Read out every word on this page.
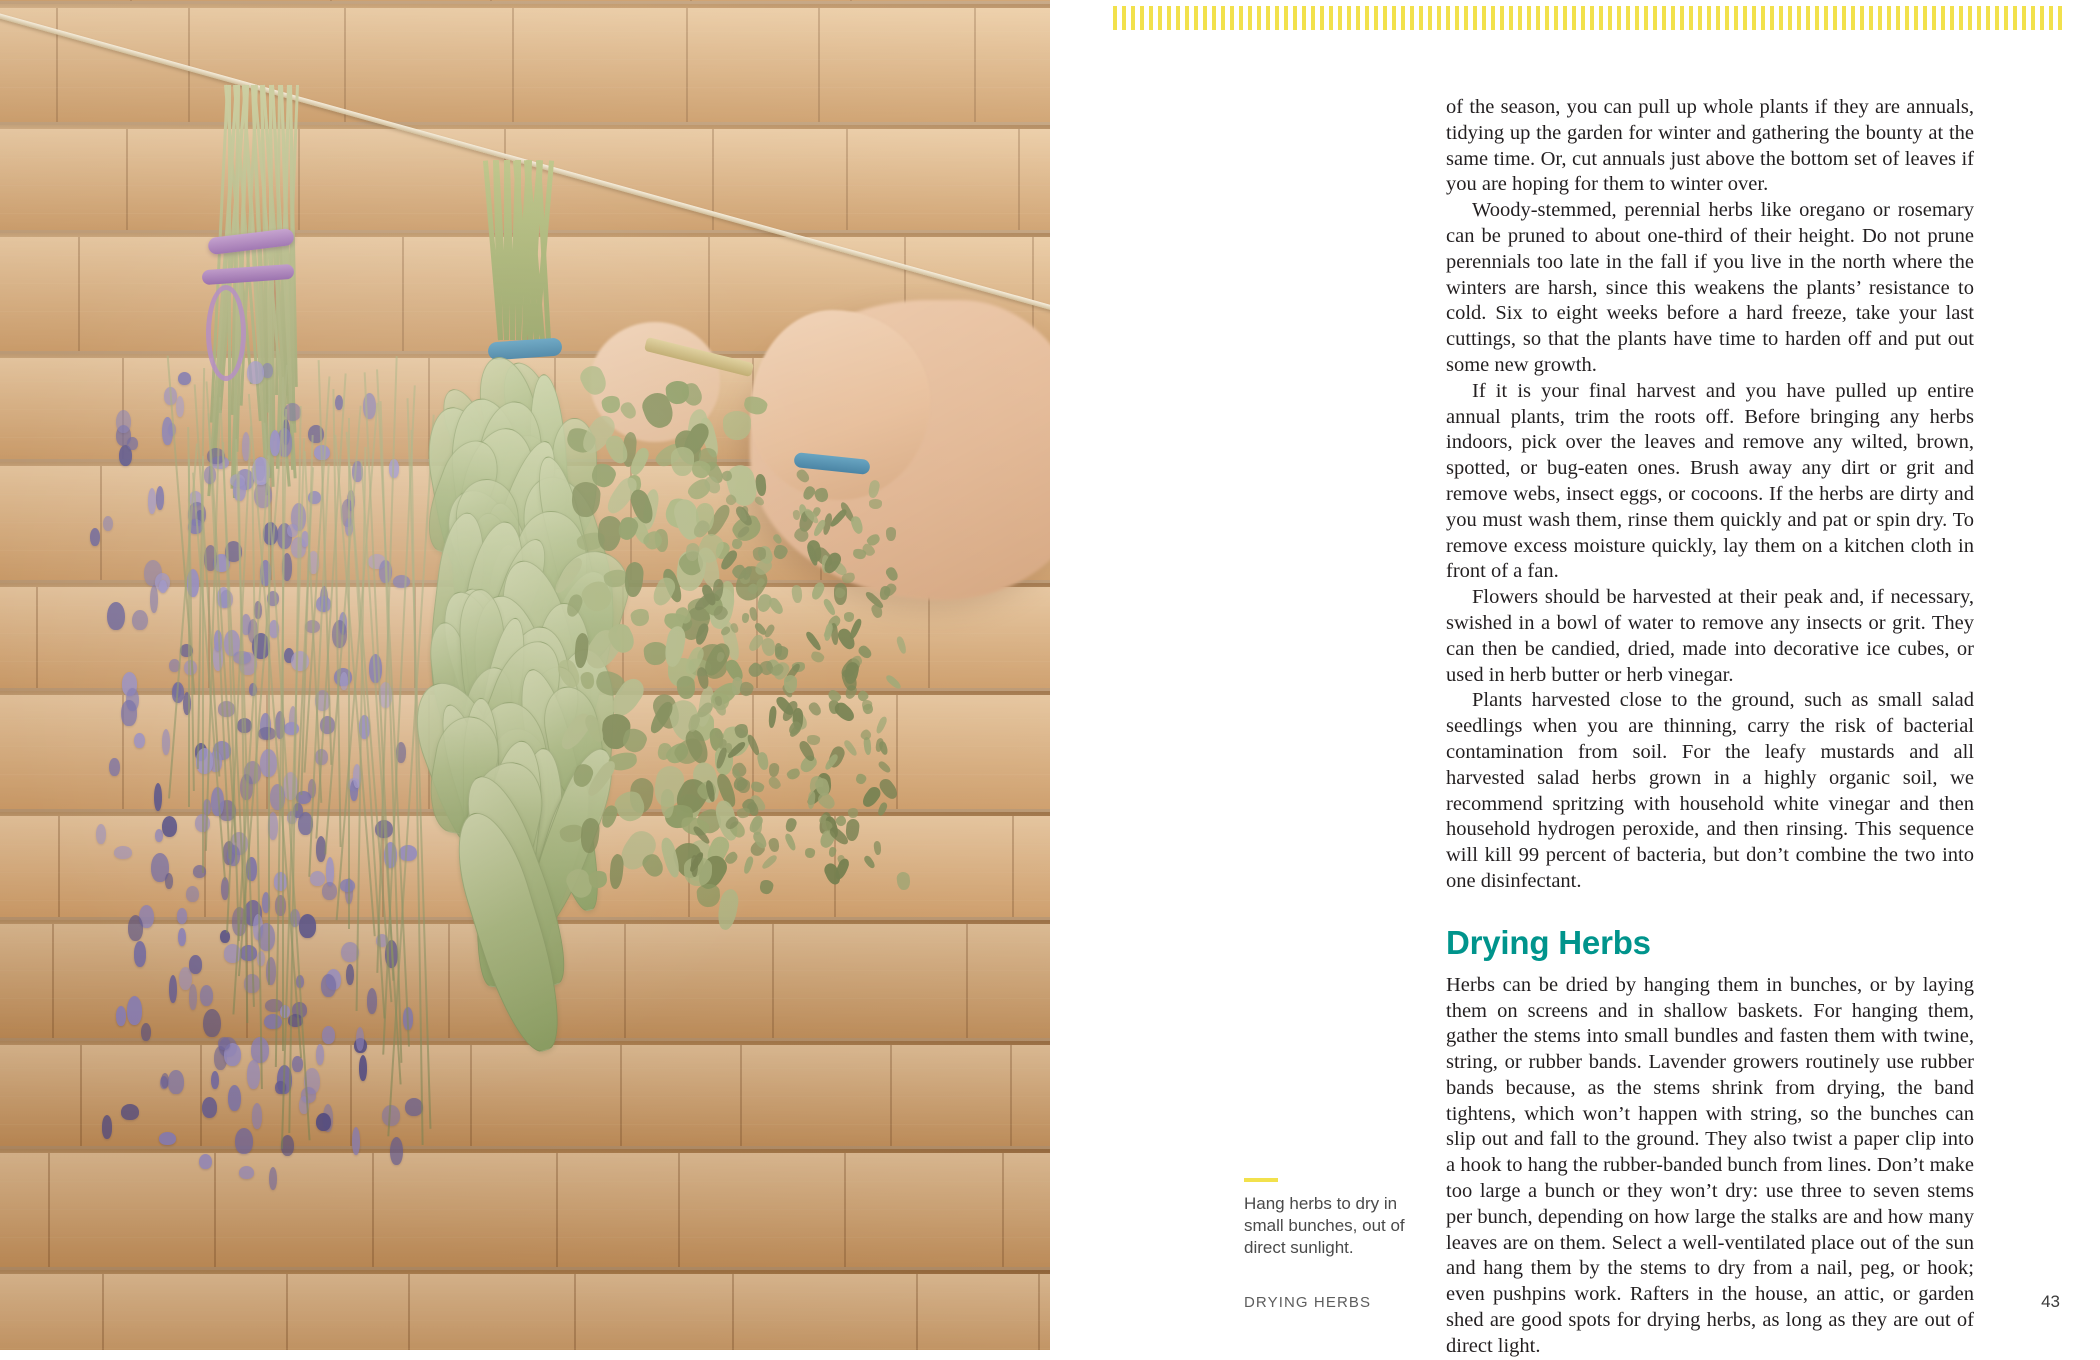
of the season, you can pull up whole plants if they are annuals, tidying up the garden for winter and gathering the bounty at the same time. Or, cut annuals just above the bottom set of leaves if you are hoping for them to winter over.

Woody-stemmed, perennial herbs like oregano or rosemary can be pruned to about one-third of their height. Do not prune perennials too late in the fall if you live in the north where the winters are harsh, since this weakens the plants’ resistance to cold. Six to eight weeks before a hard freeze, take your last cuttings, so that the plants have time to harden off and put out some new growth.

If it is your final harvest and you have pulled up entire annual plants, trim the roots off. Before bringing any herbs indoors, pick over the leaves and remove any wilted, brown, spotted, or bug-eaten ones. Brush away any dirt or grit and remove webs, insect eggs, or cocoons. If the herbs are dirty and you must wash them, rinse them quickly and pat or spin dry. To remove excess moisture quickly, lay them on a kitchen cloth in front of a fan.

Flowers should be harvested at their peak and, if necessary, swished in a bowl of water to remove any insects or grit. They can then be candied, dried, made into decorative ice cubes, or used in herb butter or herb vinegar.

Plants harvested close to the ground, such as small salad seedlings when you are thinning, carry the risk of bacterial contamination from soil. For the leafy mustards and all harvested salad herbs grown in a highly organic soil, we recommend spritzing with household white vinegar and then household hydrogen peroxide, and then rinsing. This sequence will kill 99 percent of bacteria, but don’t combine the two into one disinfectant.

Drying Herbs

Herbs can be dried by hanging them in bunches, or by laying them on screens and in shallow baskets. For hanging them, gather the stems into small bundles and fasten them with twine, string, or rubber bands. Lavender growers routinely use rubber bands because, as the stems shrink from drying, the band tightens, which won’t happen with string, so the bunches can slip out and fall to the ground. They also twist a paper clip into a hook to hang the rubber-banded bunch from lines. Don’t make too large a bunch or they won’t dry: use three to seven stems per bunch, depending on how large the stalks are and how many leaves are on them. Select a well-ventilated place out of the sun and hang them by the stems to dry from a nail, peg, or hook; even pushpins work. Rafters in the house, an attic, or garden shed are good spots for drying herbs, as long as they are out of direct light.

Hang herbs to dry in small bunches, out of direct sunlight.
DRYING HERBS	43
